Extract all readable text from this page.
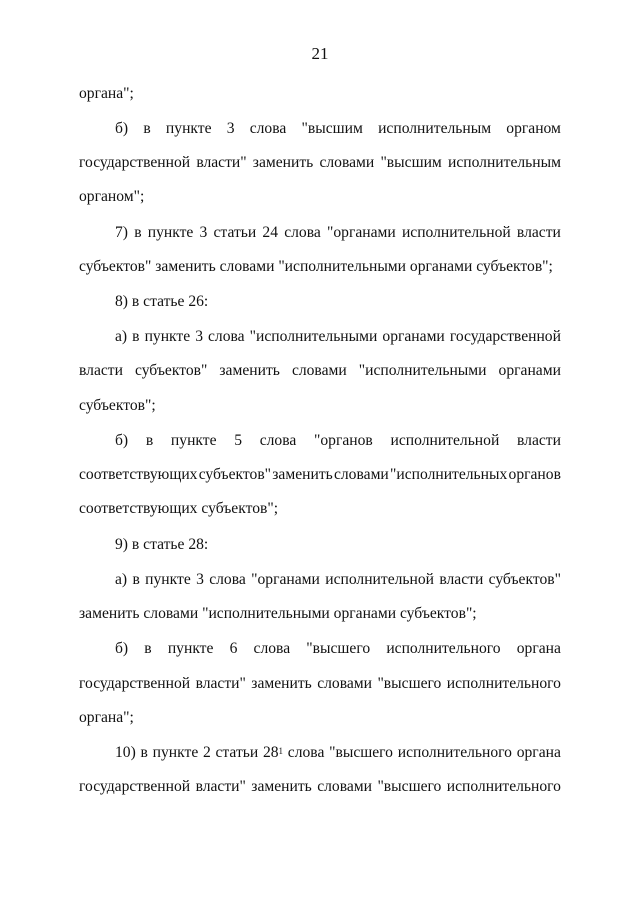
21
органа";
б) в пункте 3 слова "высшим исполнительным органом
государственной власти" заменить словами "высшим исполнительным
органом";
7) в пункте 3 статьи 24 слова "органами исполнительной власти
субъектов" заменить словами "исполнительными органами субъектов";
8) в статье 26:
а) в пункте 3 слова "исполнительными органами государственной
власти субъектов" заменить словами "исполнительными органами
субъектов";
б) в пункте 5 слова "органов исполнительной власти
соответствующих субъектов" заменить словами "исполнительных органов
соответствующих субъектов";
9) в статье 28:
а) в пункте 3 слова "органами исполнительной власти субъектов"
заменить словами "исполнительными органами субъектов";
б) в пункте 6 слова "высшего исполнительного органа
государственной власти" заменить словами "высшего исполнительного
органа";
10) в пункте 2 статьи $28^1$ слова "высшего исполнительного органа
государственной власти" заменить словами "высшего исполнительного
